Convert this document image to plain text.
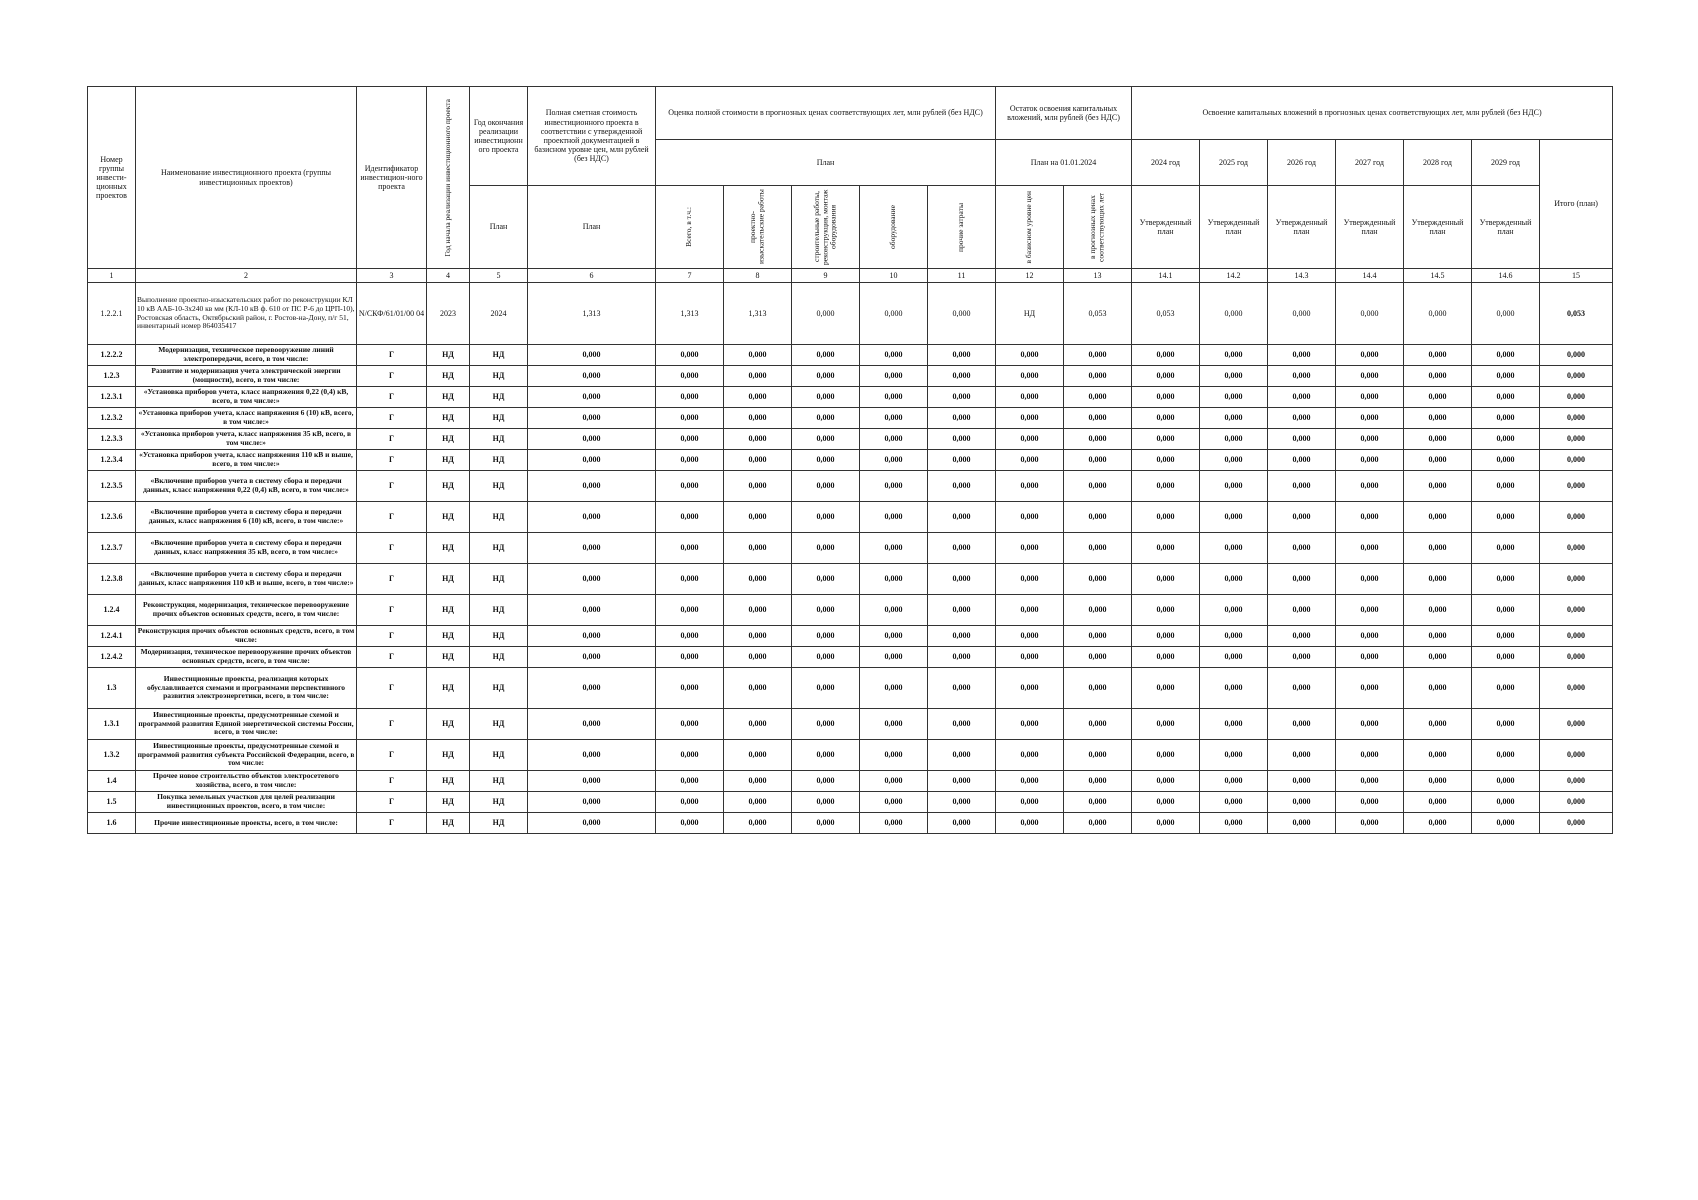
Номер группы инвести-ционных проектов	Наименование инвестиционного проекта (группы инвестиционных проектов)	Идентификатор инвестицион-ного проекта	Год начала реализации инвестиционного проекта	Год окончания реализации инвестиционн ого проекта	Полная сметная стоимость инвестиционного проекта в соответствии с утвержденной проектной документацией в базисном уровне цен, млн рублей (без НДС)	Оценка полной стоимости в прогнозных ценах соответствующих лет, млн рублей (без НДС)					Остаток освоения капитальных вложений, млн рублей (без НДС)		Освоение капитальных вложений в прогнозных ценах соответствующих лет, млн рублей (без НДС)						
						План					План на 01.01.2024		2024 год	2025 год	2026 год	2027 год	2028 год	2029 год	Итого (план)
				План	План	Всего, в т.ч.:	проектно-изыскательские работы	строительные работы, реконструкция, монтаж оборудования	оборудование	прочие затраты	в базисном уровне цен	в прогнозных ценах соответствующих лет	Утвержденный план	Утвержденный план	Утвержденный план	Утвержденный план	Утвержденный план	Утвержденный план	
1	2	3	4	5	6	7	8	9	10	11	12	13	14.1	14.2	14.3	14.4	14.5	14.6	15
1.2.2.1	Выполнение проектно-изыскательских работ по реконструкции КЛ 10 кВ ААБ-10-3х240 кв мм (КЛ-10 кВ ф. 610 от ПС Р-6 до ЦРП-10), Ростовская область, Октябрьский район, г. Ростов-на-Дону, п/г 51, инвентарный номер 864035417	N/СКФ/61/01/00 04	2023	2024	1,313	1,313	1,313	0,000	0,000	0,000	НД	0,053	0,053	0,000	0,000	0,000	0,000	0,000	0,053
1.2.2.2	Модернизация, техническое перевооружение линий электропередачи, всего, в том числе:	Г	НД	НД	0,000	0,000	0,000	0,000	0,000	0,000	0,000	0,000	0,000	0,000	0,000	0,000	0,000	0,000	0,000
1.2.3	Развитие и модернизация учета электрической энергии (мощности), всего, в том числе:	Г	НД	НД	0,000	0,000	0,000	0,000	0,000	0,000	0,000	0,000	0,000	0,000	0,000	0,000	0,000	0,000	0,000
1.2.3.1	«Установка приборов учета, класс напряжения 0,22 (0,4) кВ, всего, в том числе:»	Г	НД	НД	0,000	0,000	0,000	0,000	0,000	0,000	0,000	0,000	0,000	0,000	0,000	0,000	0,000	0,000	0,000
1.2.3.2	«Установка приборов учета, класс напряжения 6 (10) кВ, всего, в том числе:»	Г	НД	НД	0,000	0,000	0,000	0,000	0,000	0,000	0,000	0,000	0,000	0,000	0,000	0,000	0,000	0,000	0,000
1.2.3.3	«Установка приборов учета, класс напряжения 35 кВ, всего, в том числе:»	Г	НД	НД	0,000	0,000	0,000	0,000	0,000	0,000	0,000	0,000	0,000	0,000	0,000	0,000	0,000	0,000	0,000
1.2.3.4	«Установка приборов учета, класс напряжения 110 кВ и выше, всего, в том числе:»	Г	НД	НД	0,000	0,000	0,000	0,000	0,000	0,000	0,000	0,000	0,000	0,000	0,000	0,000	0,000	0,000	0,000
1.2.3.5	«Включение приборов учета в систему сбора и передачи данных, класс напряжения 0,22 (0,4) кВ, всего, в том числе:»	Г	НД	НД	0,000	0,000	0,000	0,000	0,000	0,000	0,000	0,000	0,000	0,000	0,000	0,000	0,000	0,000	0,000
1.2.3.6	«Включение приборов учета в систему сбора и передачи данных, класс напряжения 6 (10) кВ, всего, в том числе:»	Г	НД	НД	0,000	0,000	0,000	0,000	0,000	0,000	0,000	0,000	0,000	0,000	0,000	0,000	0,000	0,000	0,000
1.2.3.7	«Включение приборов учета в систему сбора и передачи данных, класс напряжения 35 кВ, всего, в том числе:»	Г	НД	НД	0,000	0,000	0,000	0,000	0,000	0,000	0,000	0,000	0,000	0,000	0,000	0,000	0,000	0,000	0,000
1.2.3.8	«Включение приборов учета в систему сбора и передачи данных, класс напряжения 110 кВ и выше, всего, в том числе:»	Г	НД	НД	0,000	0,000	0,000	0,000	0,000	0,000	0,000	0,000	0,000	0,000	0,000	0,000	0,000	0,000	0,000
1.2.4	Реконструкция, модернизация, техническое перевооружение прочих объектов основных средств, всего, в том числе:	Г	НД	НД	0,000	0,000	0,000	0,000	0,000	0,000	0,000	0,000	0,000	0,000	0,000	0,000	0,000	0,000	0,000
1.2.4.1	Реконструкция прочих объектов основных средств, всего, в том числе:	Г	НД	НД	0,000	0,000	0,000	0,000	0,000	0,000	0,000	0,000	0,000	0,000	0,000	0,000	0,000	0,000	0,000
1.2.4.2	Модернизация, техническое перевооружение прочих объектов основных средств, всего, в том числе:	Г	НД	НД	0,000	0,000	0,000	0,000	0,000	0,000	0,000	0,000	0,000	0,000	0,000	0,000	0,000	0,000	0,000
1.3	Инвестиционные проекты, реализация которых обуславливается схемами и программами перспективного развития электроэнергетики, всего, в том числе:	Г	НД	НД	0,000	0,000	0,000	0,000	0,000	0,000	0,000	0,000	0,000	0,000	0,000	0,000	0,000	0,000	0,000
1.3.1	Инвестиционные проекты, предусмотренные схемой и программой развития Единой энергетической системы России, всего, в том числе:	Г	НД	НД	0,000	0,000	0,000	0,000	0,000	0,000	0,000	0,000	0,000	0,000	0,000	0,000	0,000	0,000	0,000
1.3.2	Инвестиционные проекты, предусмотренные схемой и программой развития субъекта Российской Федерации, всего, в том числе:	Г	НД	НД	0,000	0,000	0,000	0,000	0,000	0,000	0,000	0,000	0,000	0,000	0,000	0,000	0,000	0,000	0,000
1.4	Прочее новое строительство объектов электросетевого хозяйства, всего, в том числе:	Г	НД	НД	0,000	0,000	0,000	0,000	0,000	0,000	0,000	0,000	0,000	0,000	0,000	0,000	0,000	0,000	0,000
1.5	Покупка земельных участков для целей реализации инвестиционных проектов, всего, в том числе:	Г	НД	НД	0,000	0,000	0,000	0,000	0,000	0,000	0,000	0,000	0,000	0,000	0,000	0,000	0,000	0,000	0,000
1.6	Прочие инвестиционные проекты, всего, в том числе:	Г	НД	НД	0,000	0,000	0,000	0,000	0,000	0,000	0,000	0,000	0,000	0,000	0,000	0,000	0,000	0,000	0,000
